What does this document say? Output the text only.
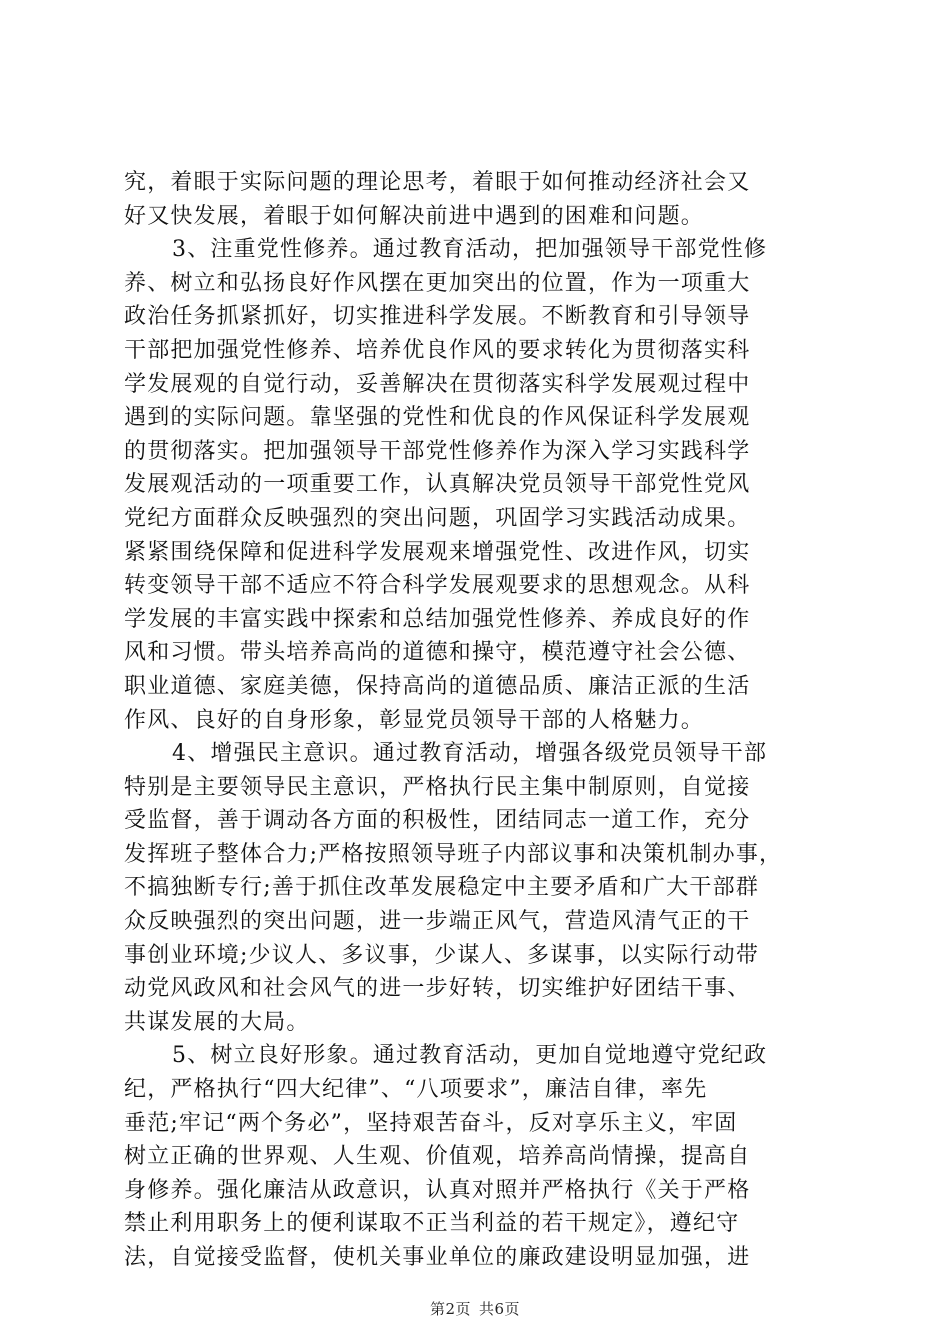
究，着眼于实际问题的理论思考，着眼于如何推动经济社会又
好又快发展，着眼于如何解决前进中遇到的困难和问题。
3、注重党性修养。通过教育活动，把加强领导干部党性修
养、树立和弘扬良好作风摆在更加突出的位置，作为一项重大
政治任务抓紧抓好，切实推进科学发展。不断教育和引导领导
干部把加强党性修养、培养优良作风的要求转化为贯彻落实科
学发展观的自觉行动，妥善解决在贯彻落实科学发展观过程中
遇到的实际问题。靠坚强的党性和优良的作风保证科学发展观
的贯彻落实。把加强领导干部党性修养作为深入学习实践科学
发展观活动的一项重要工作，认真解决党员领导干部党性党风
党纪方面群众反映强烈的突出问题，巩固学习实践活动成果。
紧紧围绕保障和促进科学发展观来增强党性、改进作风，切实
转变领导干部不适应不符合科学发展观要求的思想观念。从科
学发展的丰富实践中探索和总结加强党性修养、养成良好的作
风和习惯。带头培养高尚的道德和操守，模范遵守社会公德、
职业道德、家庭美德，保持高尚的道德品质、廉洁正派的生活
作风、良好的自身形象，彰显党员领导干部的人格魅力。
4、增强民主意识。通过教育活动，增强各级党员领导干部
特别是主要领导民主意识，严格执行民主集中制原则，自觉接
受监督，善于调动各方面的积极性，团结同志一道工作，充分
发挥班子整体合力;严格按照领导班子内部议事和决策机制办事，
不搞独断专行;善于抓住改革发展稳定中主要矛盾和广大干部群
众反映强烈的突出问题，进一步端正风气，营造风清气正的干
事创业环境;少议人、多议事，少谋人、多谋事，以实际行动带
动党风政风和社会风气的进一步好转，切实维护好团结干事、
共谋发展的大局。
5、树立良好形象。通过教育活动，更加自觉地遵守党纪政
纪，严格执行“四大纪律”、“八项要求”，廉洁自律，率先
垂范;牢记“两个务必”，坚持艰苦奋斗，反对享乐主义，牢固
树立正确的世界观、人生观、价值观，培养高尚情操，提高自
身修养。强化廉洁从政意识，认真对照并严格执行《关于严格
禁止利用职务上的便利谋取不正当利益的若干规定》，遵纪守
法，自觉接受监督，使机关事业单位的廉政建设明显加强，进
第2页 共6页
